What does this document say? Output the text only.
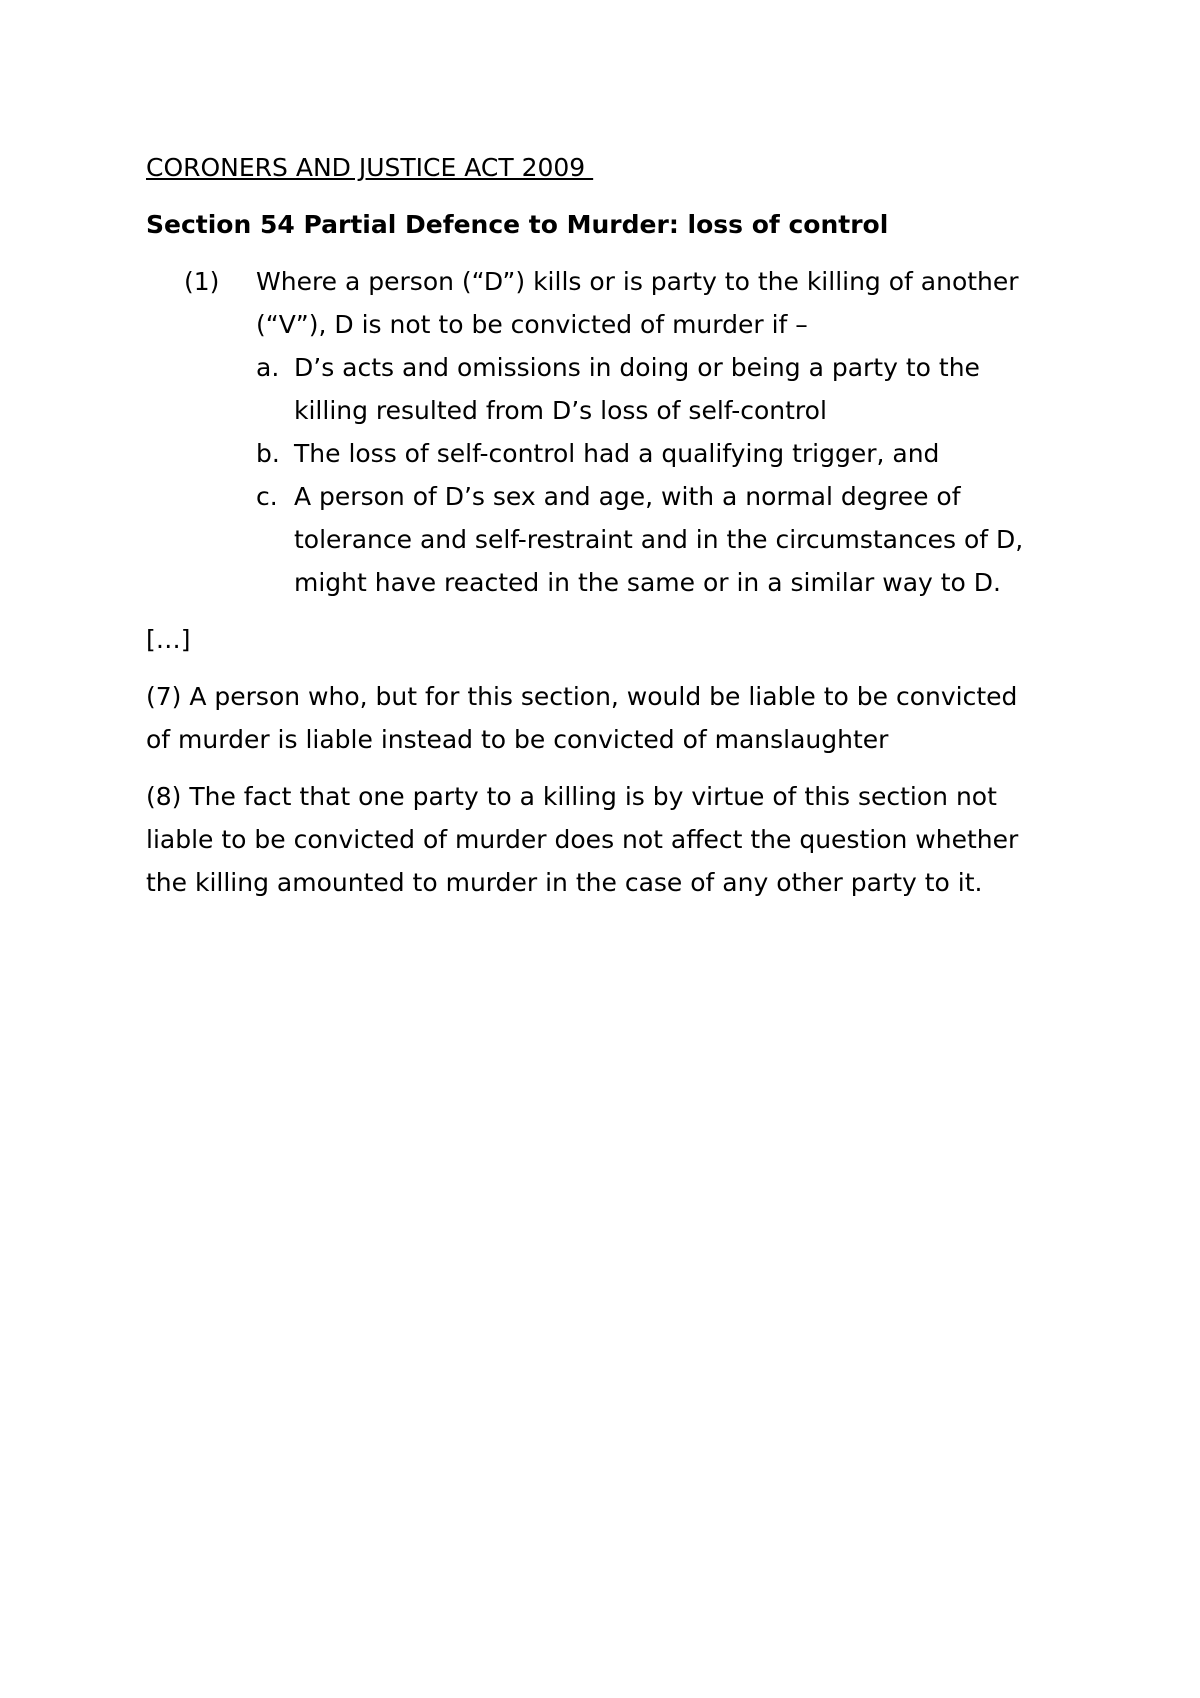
CORONERS AND JUSTICE ACT 2009
Section 54 Partial Defence to Murder: loss of control
(1)	Where a person (“D”) kills or is party to the killing of another (“V”), D is not to be convicted of murder if –
a. D’s acts and omissions in doing or being a party to the killing resulted from D’s loss of self-control
b. The loss of self-control had a qualifying trigger, and
c. A person of D’s sex and age, with a normal degree of tolerance and self-restraint and in the circumstances of D, might have reacted in the same or in a similar way to D.
[…]

(7) A person who, but for this section, would be liable to be convicted of murder is liable instead to be convicted of manslaughter

(8) The fact that one party to a killing is by virtue of this section not liable to be convicted of murder does not affect the question whether the killing amounted to murder in the case of any other party to it.
